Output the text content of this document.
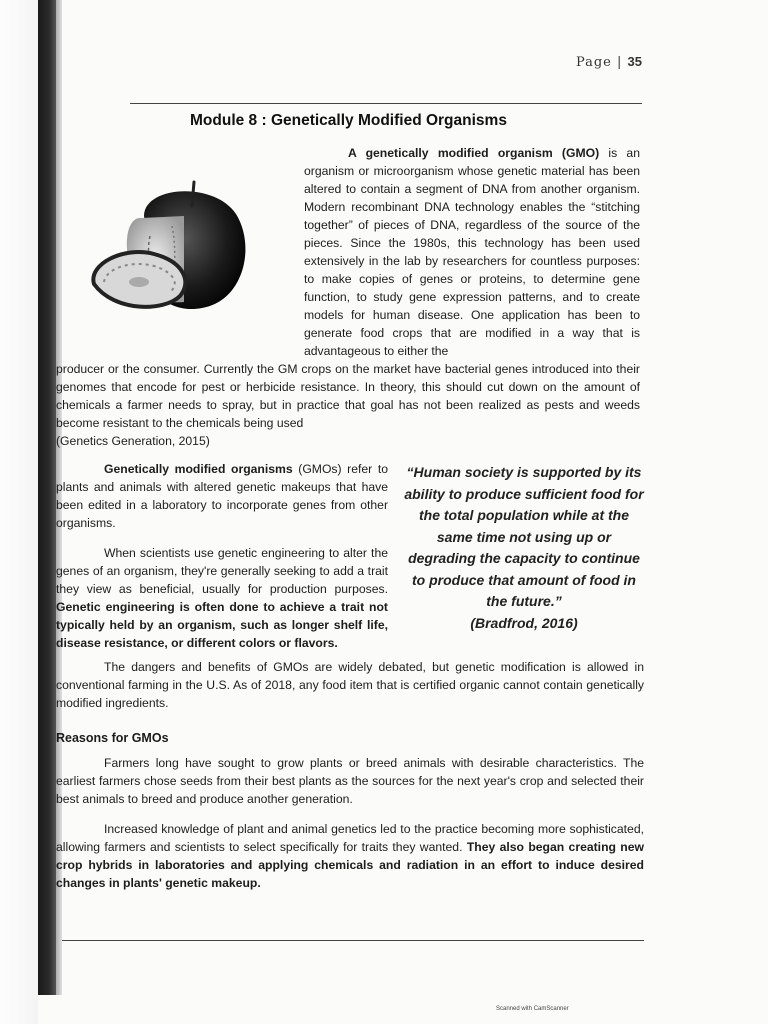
Page | 35
Module 8 : Genetically Modified Organisms
A genetically modified organism (GMO) is an organism or microorganism whose genetic material has been altered to contain a segment of DNA from another organism. Modern recombinant DNA technology enables the “stitching together” of pieces of DNA, regardless of the source of the pieces. Since the 1980s, this technology has been used extensively in the lab by researchers for countless purposes: to make copies of genes or proteins, to determine gene function, to study gene expression patterns, and to create models for human disease. One application has been to generate food crops that are modified in a way that is advantageous to either the
producer or the consumer. Currently the GM crops on the market have bacterial genes introduced into their genomes that encode for pest or herbicide resistance. In theory, this should cut down on the amount of chemicals a farmer needs to spray, but in practice that goal has not been realized as pests and weeds become resistant to the chemicals being used
(Genetics Generation, 2015)

Genetically modified organisms (GMOs) refer to plants and animals with altered genetic makeups that have been edited in a laboratory to incorporate genes from other organisms.

When scientists use genetic engineering to alter the genes of an organism, they're generally seeking to add a trait they view as beneficial, usually for production purposes. Genetic engineering is often done to achieve a trait not typically held by an organism, such as longer shelf life, disease resistance, or different colors or flavors.

“Human society is supported by its ability to produce sufficient food for the total population while at the same time not using up or degrading the capacity to continue to produce that amount of food in the future.”
(Bradfrod, 2016)
The dangers and benefits of GMOs are widely debated, but genetic modification is allowed in conventional farming in the U.S. As of 2018, any food item that is certified organic cannot contain genetically modified ingredients.
Reasons for GMOs
Farmers long have sought to grow plants or breed animals with desirable characteristics. The earliest farmers chose seeds from their best plants as the sources for the next year's crop and selected their best animals to breed and produce another generation.
Increased knowledge of plant and animal genetics led to the practice becoming more sophisticated, allowing farmers and scientists to select specifically for traits they wanted. They also began creating new crop hybrids in laboratories and applying chemicals and radiation in an effort to induce desired changes in plants' genetic makeup.
Scanned with CamScanner
